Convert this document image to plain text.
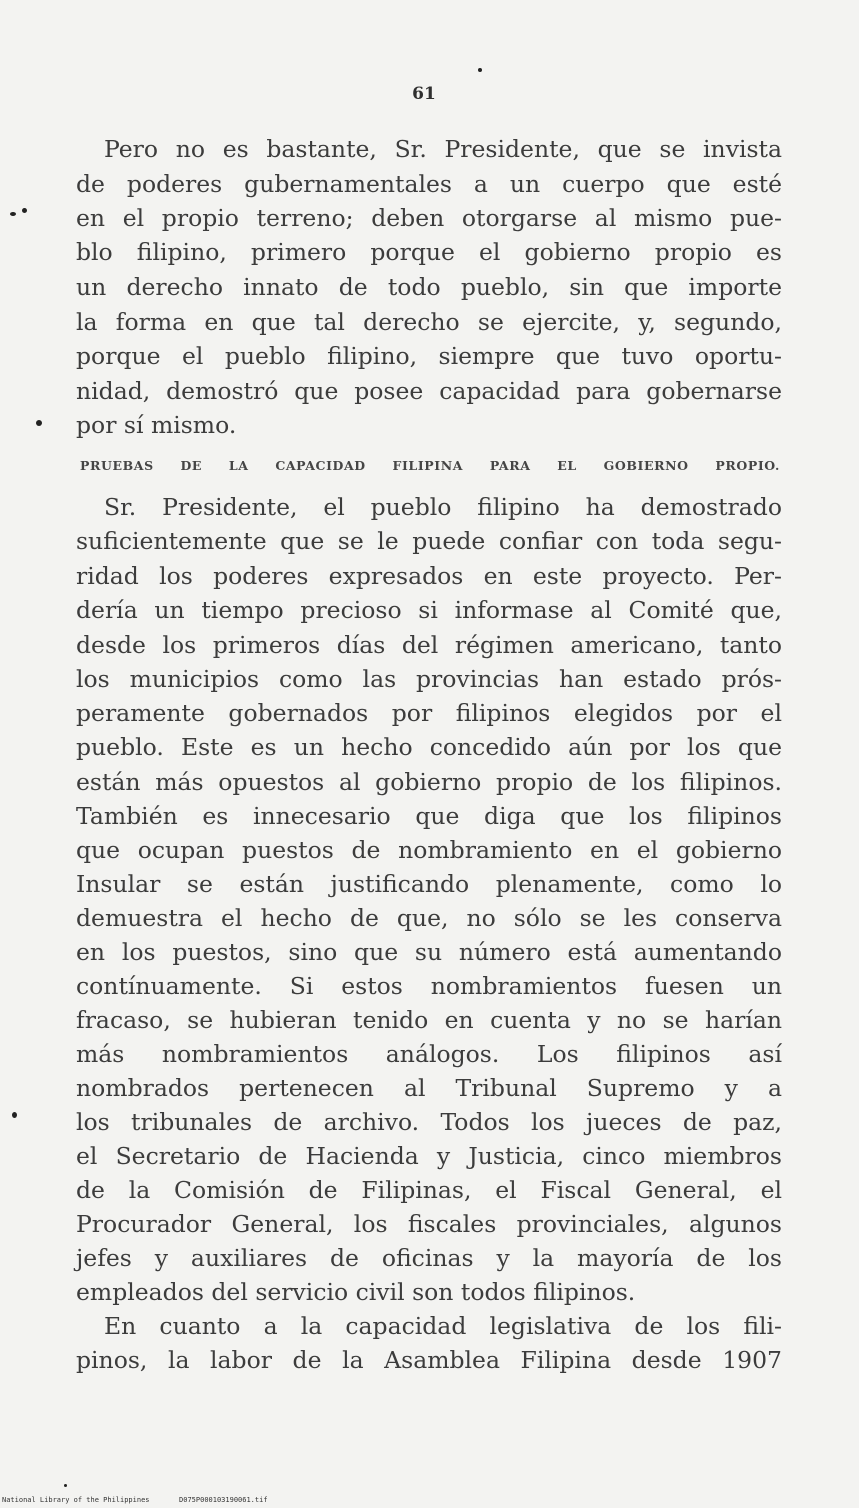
61
Pero no es bastante, Sr. Presidente, que se invista
de poderes gubernamentales a un cuerpo que esté
en el propio terreno; deben otorgarse al mismo pue-
blo filipino, primero porque el gobierno propio es
un derecho innato de todo pueblo, sin que importe
la forma en que tal derecho se ejercite, y, segundo,
porque el pueblo filipino, siempre que tuvo oportu-
nidad, demostró que posee capacidad para gobernarse
por sí mismo.
PRUEBAS DE LA CAPACIDAD FILIPINA PARA EL GOBIERNO PROPIO.
Sr. Presidente, el pueblo filipino ha demostrado
suficientemente que se le puede confiar con toda segu-
ridad los poderes expresados en este proyecto. Per-
dería un tiempo precioso si informase al Comité que,
desde los primeros días del régimen americano, tanto
los municipios como las provincias han estado prós-
peramente gobernados por filipinos elegidos por el
pueblo. Este es un hecho concedido aún por los que
están más opuestos al gobierno propio de los filipinos.
También es innecesario que diga que los filipinos
que ocupan puestos de nombramiento en el gobierno
Insular se están justificando plenamente, como lo
demuestra el hecho de que, no sólo se les conserva
en los puestos, sino que su número está aumentando
contínuamente. Si estos nombramientos fuesen un
fracaso, se hubieran tenido en cuenta y no se harían
más nombramientos análogos. Los filipinos así
nombrados pertenecen al Tribunal Supremo y a
los tribunales de archivo. Todos los jueces de paz,
el Secretario de Hacienda y Justicia, cinco miembros
de la Comisión de Filipinas, el Fiscal General, el
Procurador General, los fiscales provinciales, algunos
jefes y auxiliares de oficinas y la mayoría de los
empleados del servicio civil son todos filipinos.
En cuanto a la capacidad legislativa de los fili-
pinos, la labor de la Asamblea Filipina desde 1907
National Library of the Philippines	D075P000103190061.tif
